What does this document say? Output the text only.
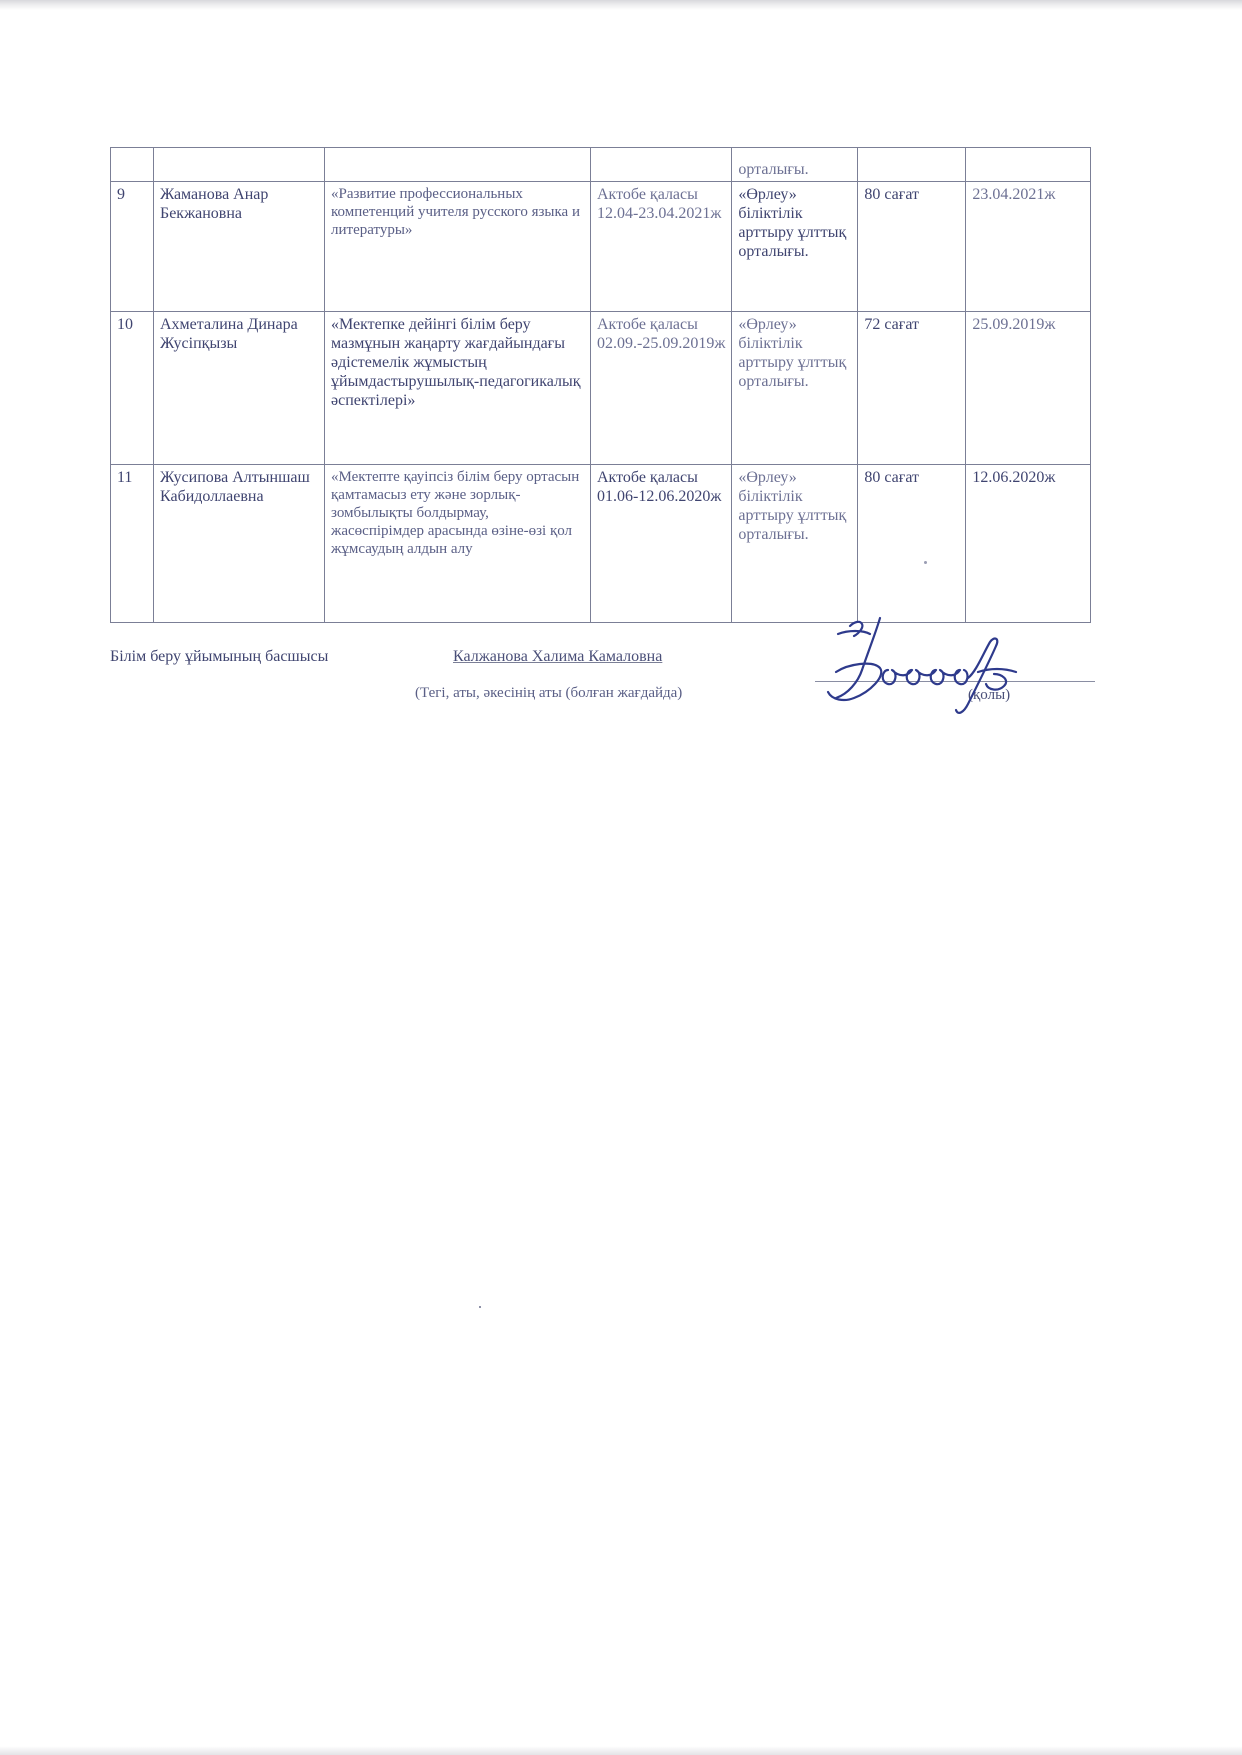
				орталығы.		
9	Жаманова Анар Бекжановна	«Развитие профессиональных компетенций учителя русского языка и литературы»	Актобе қаласы 12.04-23.04.2021ж	«Өрлеу» біліктілік арттыру ұлттық орталығы.	80 сағат	23.04.2021ж
10	Ахметалина Динара Жусіпқызы	«Мектепке дейінгі білім беру мазмұнын жаңарту жағдайындағы әдістемелік жұмыстың ұйымдастырушылық-педагогикалық әспектілері»	Актобе қаласы 02.09.-25.09.2019ж	«Өрлеу» біліктілік арттыру ұлттық орталығы.	72 сағат	25.09.2019ж
11	Жусипова Алтыншаш Кабидоллаевна	«Мектепте қауіпсіз білім беру ортасын қамтамасыз ету және зорлық- зомбылықты болдырмау, жасөспірімдер арасында өзіне-өзі қол жұмсаудың алдын алу	Актобе қаласы 01.06-12.06.2020ж	«Өрлеу» біліктілік арттыру ұлттық орталығы.	80 сағат	12.06.2020ж
Білім беру ұйымының басшысы	Калжанова Халима Камаловна
(Тегі, аты, әкесінің аты (болған жағдайда)	(қолы)
